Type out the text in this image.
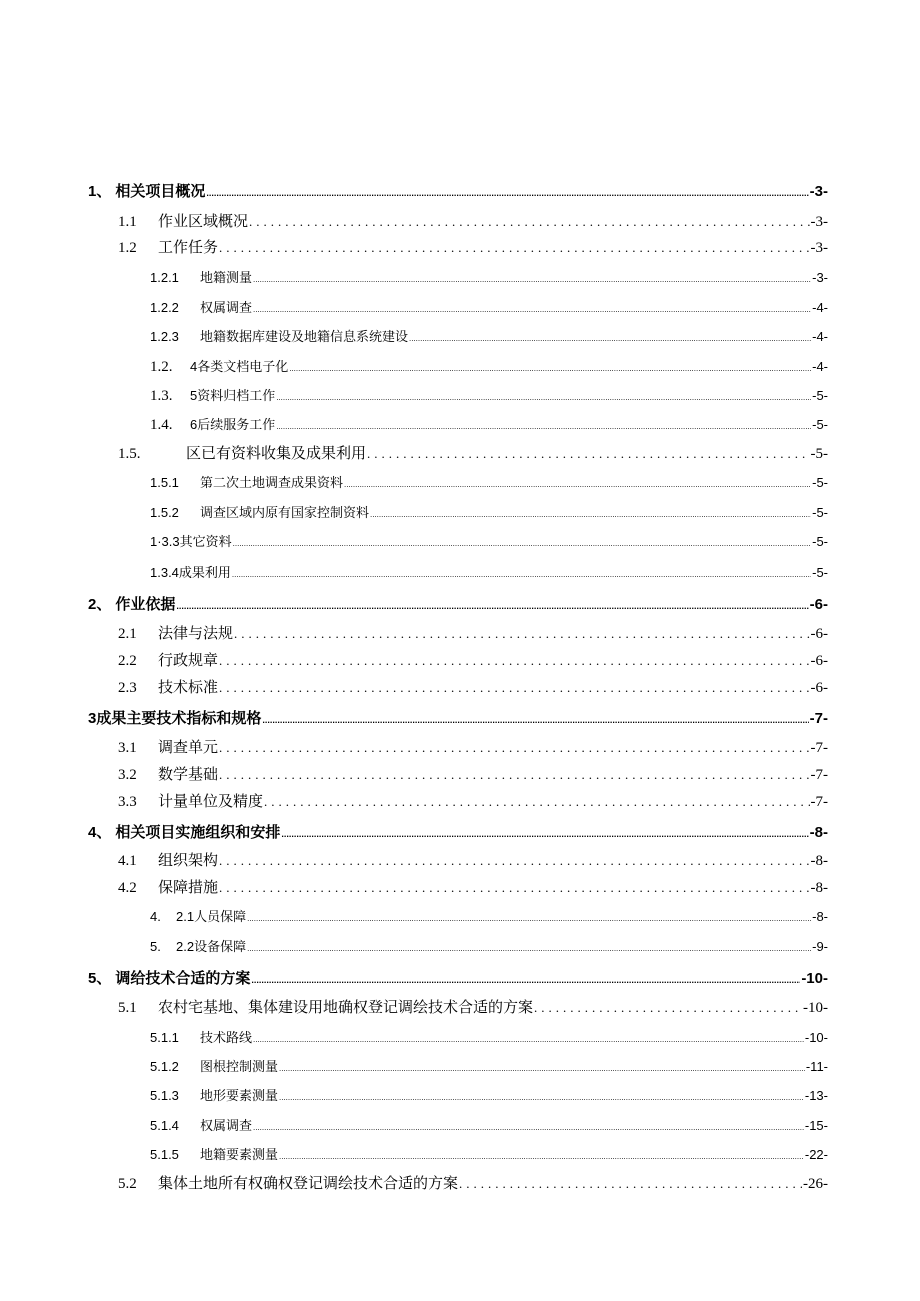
1、 相关项目概况 .....	-3-
1.1	作业区域概况 .....	-3-
1.2	工作任务 .....	-3-
1.2.1	地籍测量 .....	-3-
1.2.2	权属调查 .....	-4-
1.2.3	地籍数据库建设及地籍信息系统建设 .....	-4-
1.2.	4各类文档电子化 .....	-4-
1.3.	5资料归档工作 .....	-5-
1.4.	6后续服务工作 .....	-5-
1.5.	区已有资料收集及成果利用 .....	-5-
1.5.1	第二次土地调查成果资料 .....	-5-
1.5.2	调查区域内原有国家控制资料 .....	-5-
1·3.3其它资料 .....	-5-
1.3.4成果利用 .....	-5-
2、 作业依据 .....	-6-
2.1	法律与法规 .....	-6-
2.2	行政规章 .....	-6-
2.3	技术标准 .....	-6-
3成果主要技术指标和规格 .....	-7-
3.1	调查单元 .....	-7-
3.2	数学基础 .....	-7-
3.3	计量单位及精度 .....	-7-
4、 相关项目实施组织和安排 .....	-8-
4.1	组织架构 .....	-8-
4.2	保障措施 .....	-8-
4.	2.1人员保障 .....	-8-
5.	2.2设备保障 .....	-9-
5、 调给技术合适的方案 .....	-10-
5.1	农村宅基地、集体建设用地确权登记调绘技术合适的方案 .....	-10-
5.1.1	技术路线 .....	-10-
5.1.2	图根控制测量 .....	-11-
5.1.3	地形要素测量 .....	-13-
5.1.4	权属调查 .....	-15-
5.1.5	地籍要素测量 .....	-22-
5.2	集体土地所有权确权登记调绘技术合适的方案 .....	-26-
